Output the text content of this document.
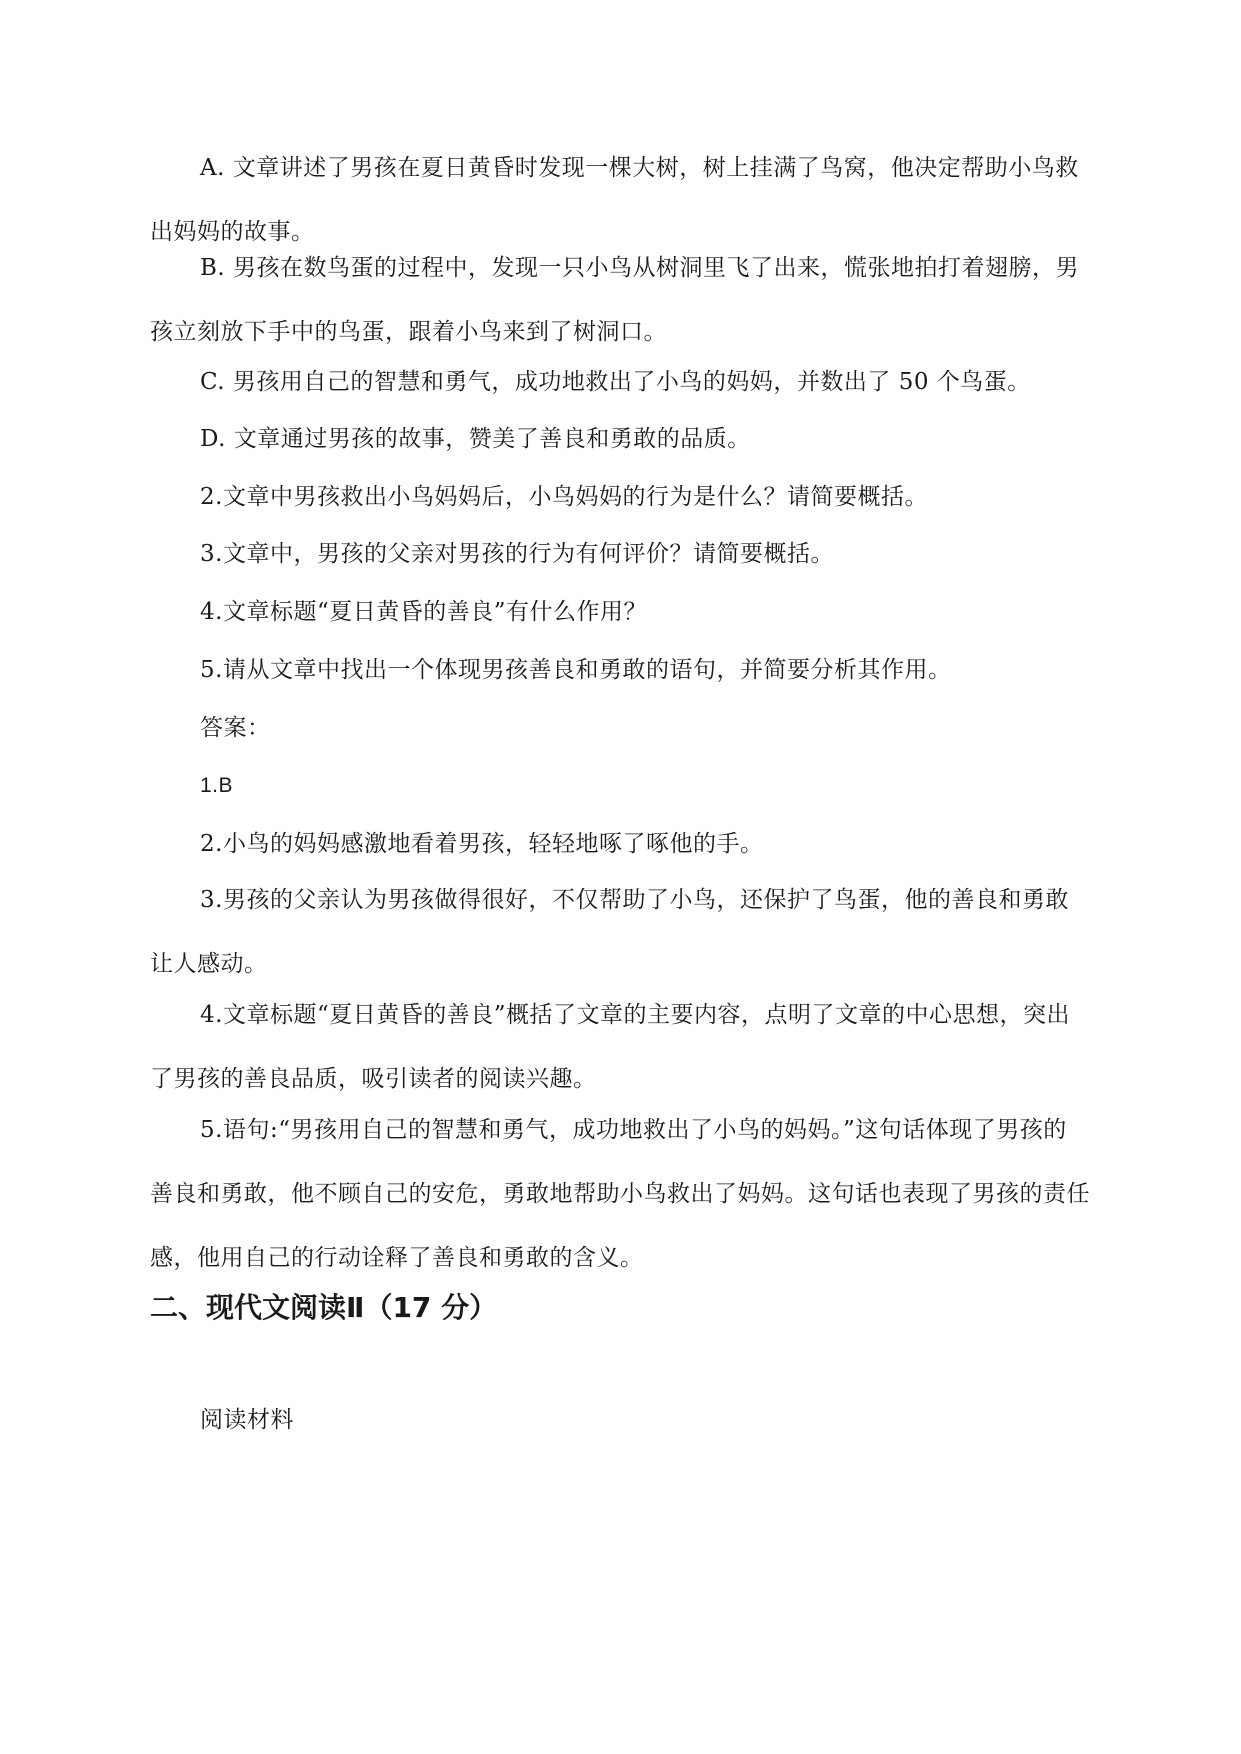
A. 文章讲述了男孩在夏日黄昏时发现一棵大树，树上挂满了鸟窝，他决定帮助小鸟救出妈妈的故事。

B. 男孩在数鸟蛋的过程中，发现一只小鸟从树洞里飞了出来，慌张地拍打着翅膀，男孩立刻放下手中的鸟蛋，跟着小鸟来到了树洞口。

C. 男孩用自己的智慧和勇气，成功地救出了小鸟的妈妈，并数出了 50 个鸟蛋。

D. 文章通过男孩的故事，赞美了善良和勇敢的品质。

2.文章中男孩救出小鸟妈妈后，小鸟妈妈的行为是什么？请简要概括。

3.文章中，男孩的父亲对男孩的行为有何评价？请简要概括。

4.文章标题“夏日黄昏的善良”有什么作用？

5.请从文章中找出一个体现男孩善良和勇敢的语句，并简要分析其作用。

答案：

1.B

2.小鸟的妈妈感激地看着男孩，轻轻地啄了啄他的手。

3.男孩的父亲认为男孩做得很好，不仅帮助了小鸟，还保护了鸟蛋，他的善良和勇敢让人感动。

4.文章标题“夏日黄昏的善良”概括了文章的主要内容，点明了文章的中心思想，突出了男孩的善良品质，吸引读者的阅读兴趣。

5.语句:“男孩用自己的智慧和勇气，成功地救出了小鸟的妈妈。”这句话体现了男孩的善良和勇敢，他不顾自己的安危，勇敢地帮助小鸟救出了妈妈。这句话也表现了男孩的责任感，他用自己的行动诠释了善良和勇敢的含义。

二、现代文阅读Ⅱ（17 分）

阅读材料
